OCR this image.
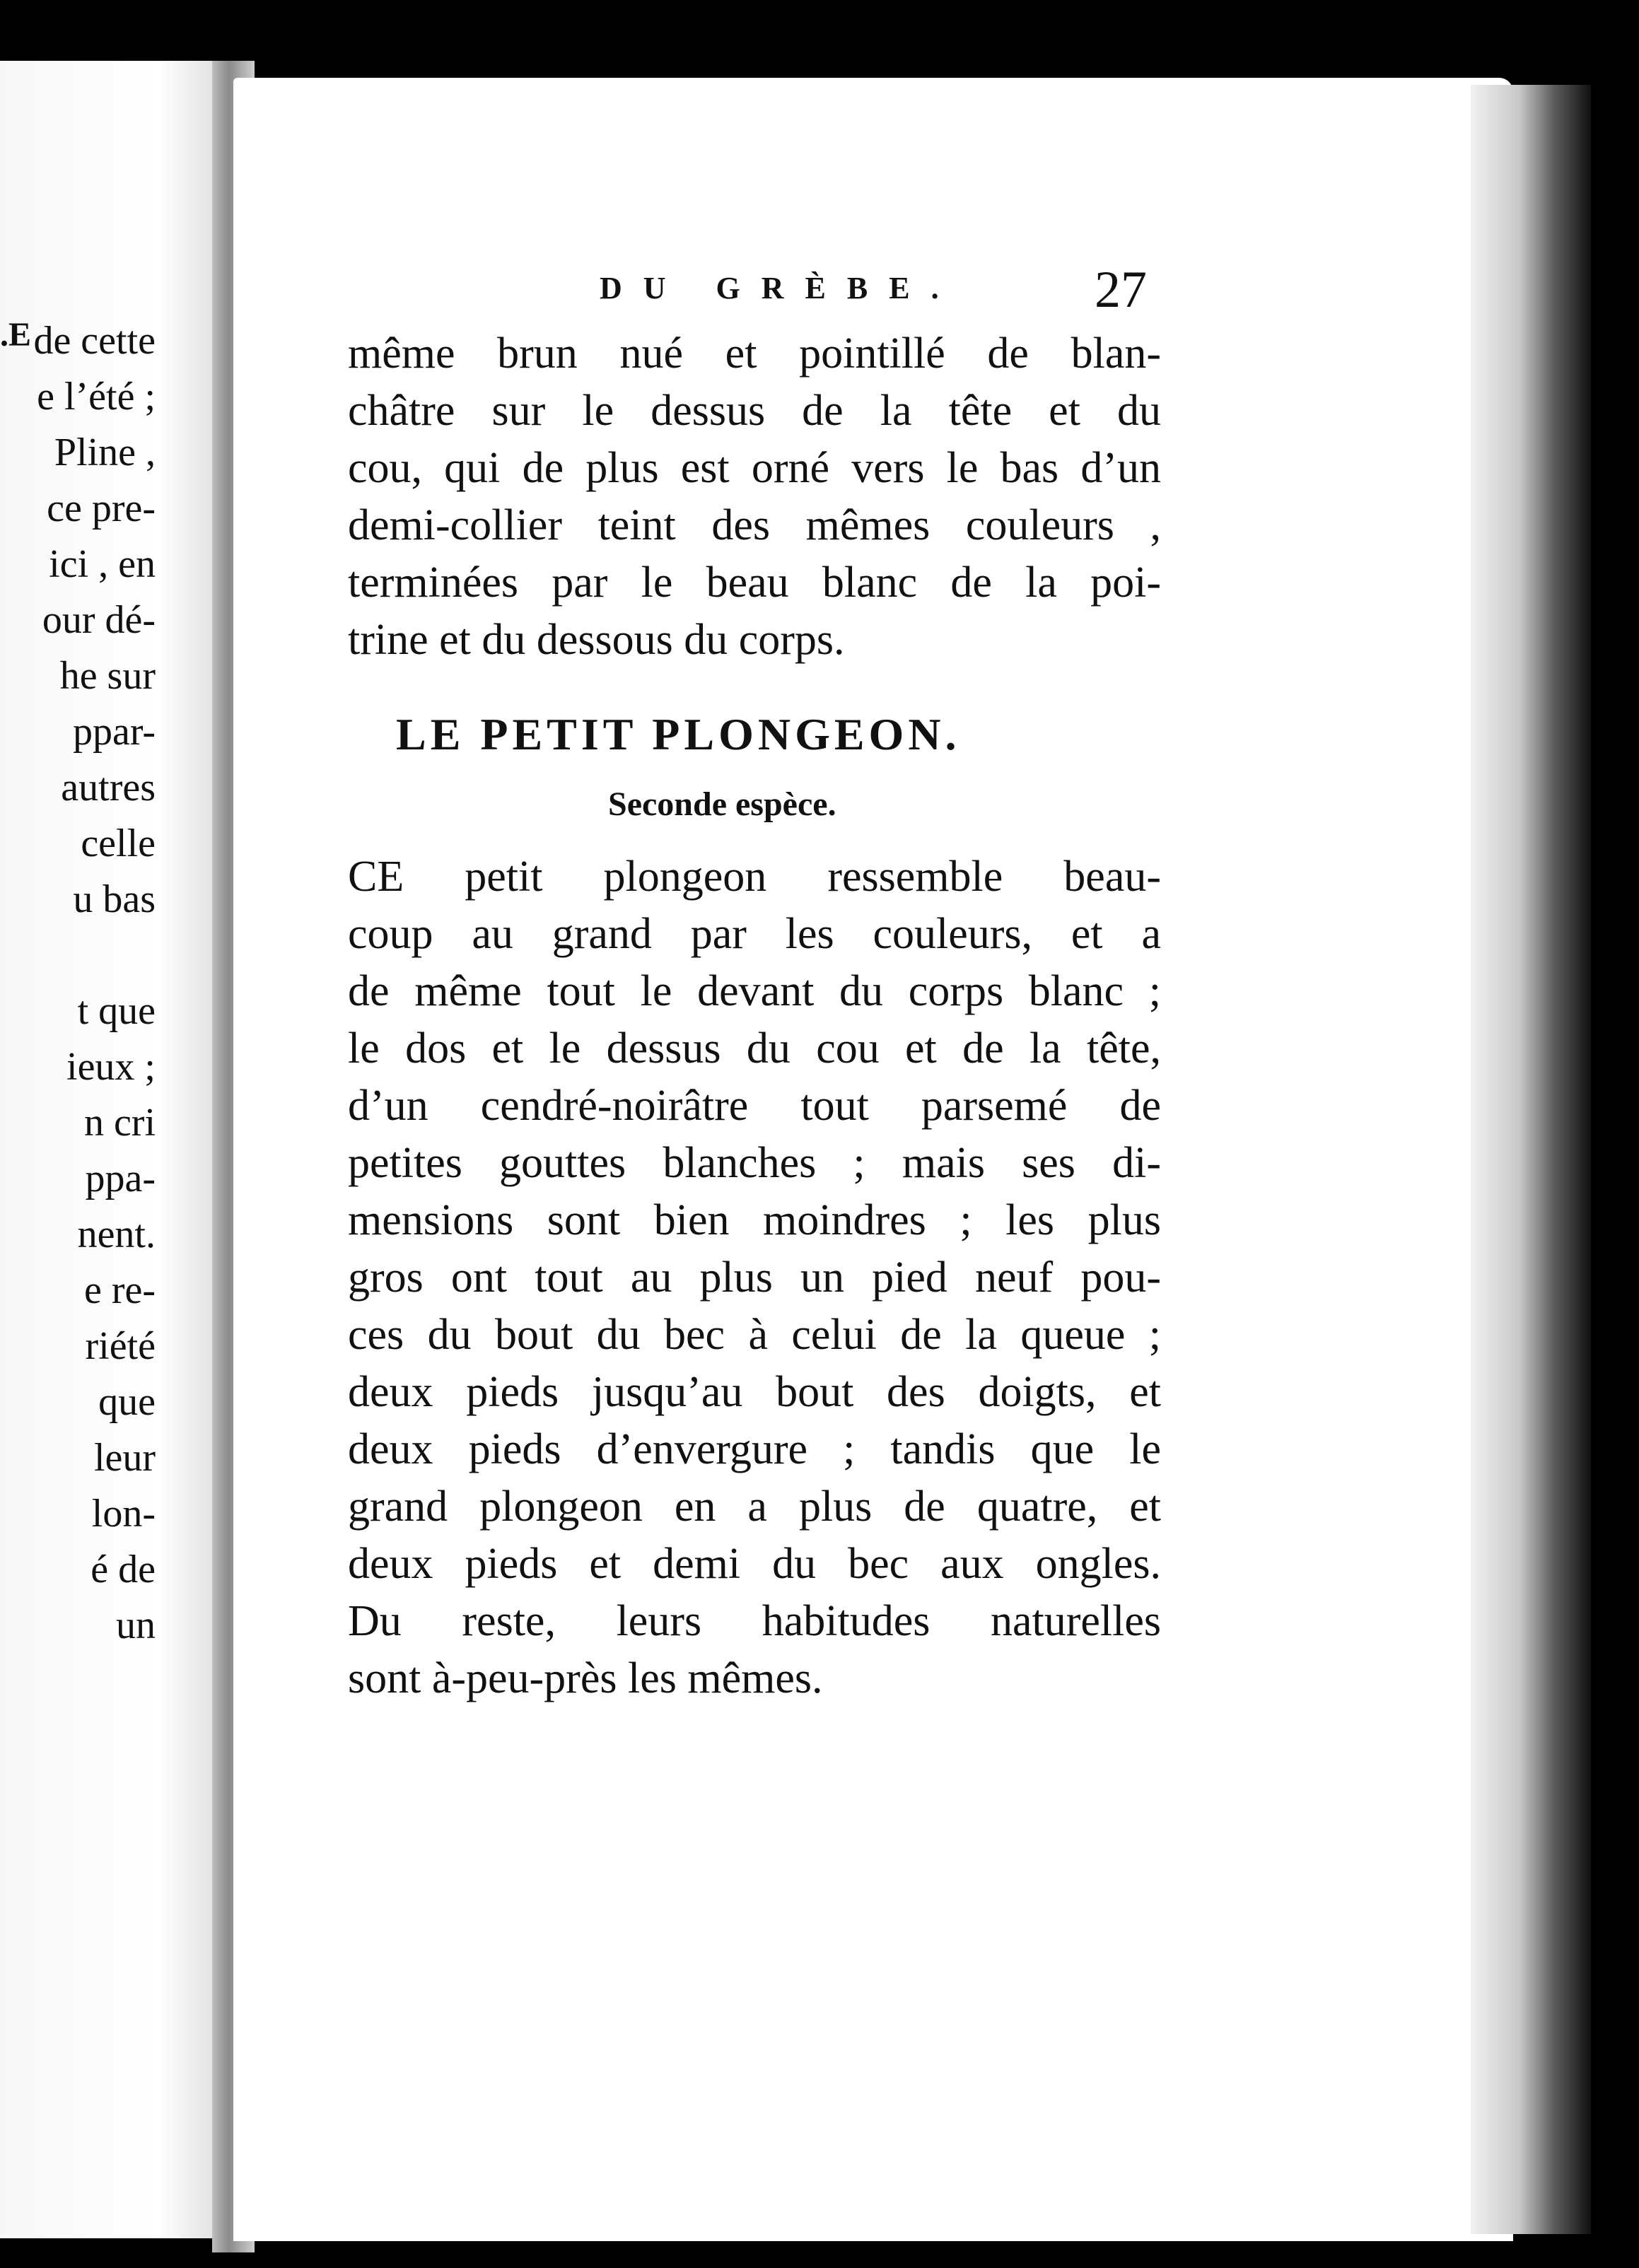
.E de cette
e l’été ;
Pline ,
ce pre-
ici , en
our dé-
he sur
ppar-
autres
celle
u bas
t que
ieux ;
n cri
ppa-
nent.
e re-
riété
que
leur
lon-
é de
un
DU GRÈBE.	27
même brun nué et pointillé de blan-
châtre sur le dessus de la tête et du
cou, qui de plus est orné vers le bas d’un
demi-collier teint des mêmes couleurs ,
terminées par le beau blanc de la poi-
trine et du dessous du corps.
LE PETIT PLONGEON.
Seconde espèce.
CE petit plongeon ressemble beau-
coup au grand par les couleurs, et a
de même tout le devant du corps blanc ;
le dos et le dessus du cou et de la tête,
d’un cendré-noirâtre tout parsemé de
petites gouttes blanches ; mais ses di-
mensions sont bien moindres ; les plus
gros ont tout au plus un pied neuf pou-
ces du bout du bec à celui de la queue ;
deux pieds jusqu’au bout des doigts, et
deux pieds d’envergure ; tandis que le
grand plongeon en a plus de quatre, et
deux pieds et demi du bec aux ongles.
Du reste, leurs habitudes naturelles
sont à-peu-près les mêmes.
